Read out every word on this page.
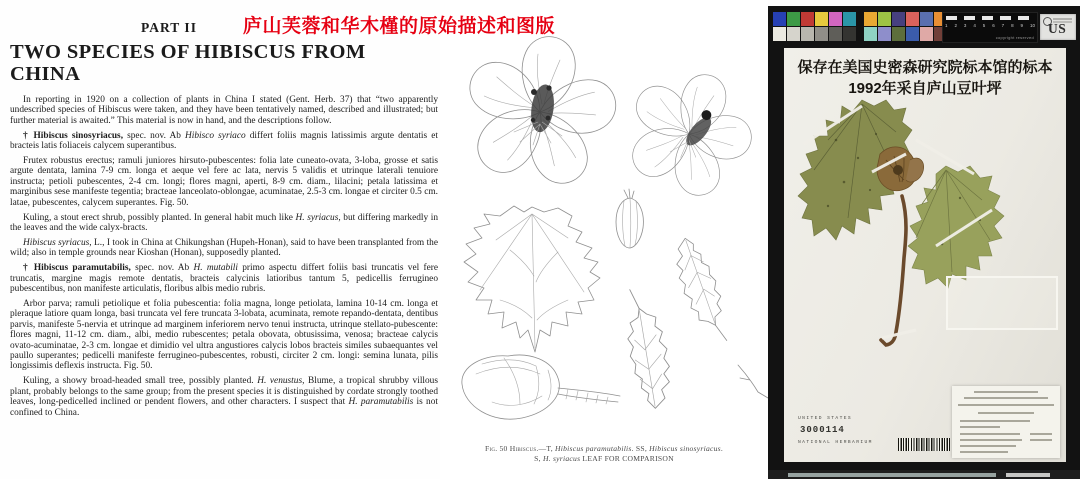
PART II
TWO SPECIES OF HIBISCUS FROM CHINA

In reporting in 1920 on a collection of plants in China I stated (Gent. Herb. 37) that “two apparently undescribed species of Hibiscus were taken, and they have been tentatively named, described and illustrated; but further material is awaited.” This material is now in hand, and the descriptions follow.

† Hibiscus sinosyriacus, spec. nov. Ab Hibisco syriaco differt foliis magnis latissimis argute dentatis et bracteis latis foliaceis calycem superantibus.

Frutex robustus erectus; ramuli juniores hirsuto-pubescentes: folia late cuneato-ovata, 3-loba, grosse et satis argute dentata, lamina 7-9 cm. longa et aeque vel fere ac lata, nervis 5 validis et utrinque laterali tenuiore instructa; petioli pubescentes, 2-4 cm. longi; flores magni, aperti, 8-9 cm. diam., lilacini; petala latissima et marginibus sese manifeste tegentia; bracteae lanceolato-oblongae, acuminatae, 2.5-3 cm. longae et circiter 0.5 cm. latae, pubescentes, calycem superantes. Fig. 50.

Kuling, a stout erect shrub, possibly planted. In general habit much like H. syriacus, but differing markedly in the leaves and the wide calyx-bracts.

Hibiscus syriacus, L., I took in China at Chikungshan (Hupeh-Honan), said to have been transplanted from the wild; also in temple grounds near Kioshan (Honan), supposedly planted.

† Hibiscus paramutabilis, spec. nov. Ab H. mutabili primo aspectu differt foliis basi truncatis vel fere truncatis, margine magis remote dentatis, bracteis calycinis latioribus tantum 5, pedicellis ferrugineo pubescentibus, non manifeste articulatis, floribus albis medio rubris.

Arbor parva; ramuli petiolique et folia pubescentia: folia magna, longe petiolata, lamina 10-14 cm. longa et pleraque latiore quam longa, basi truncata vel fere truncata 3-lobata, acuminata, remote repando-dentata, dentibus parvis, manifeste 5-nervia et utrinque ad marginem inferiorem nervo tenui instructa, utrinque stellato-pubescente: flores magni, 11-12 cm. diam., albi, medio rubescentes; petala obovata, obtusissima, venosa; bracteae calycis ovato-acuminatae, 2-3 cm. longae et dimidio vel ultra angustiores calycis lobos bracteis similes subaequantes vel paullo superantes; pedicelli manifeste ferrugineo-pubescentes, robusti, circiter 2 cm. longi: semina lunata, pilis longissimis deflexis instructa. Fig. 50.

Kuling, a showy broad-headed small tree, possibly planted. H. venustus, Blume, a tropical shrubby villous plant, probably belongs to the same group; from the present species it is distinguished by cordate strongly toothed leaves, long-pedicelled inclined or pendent flowers, and other characters. I suspect that H. paramutabilis is not confined to China.

庐山芙蓉和华木槿的原始描述和图版
Fig. 50 Hibiscus.—T, Hibiscus paramutabilis. SS, Hibiscus sinosyriacus.
S, H. syriacus LEAF FOR COMPARISON
1 2 3 4 5 6 7 8 9 10
copyright reserved
US
保存在美国史密森研究院标本馆的标本
1992年采自庐山豆叶坪
UNITED STATES
3000114
NATIONAL HERBARIUM
